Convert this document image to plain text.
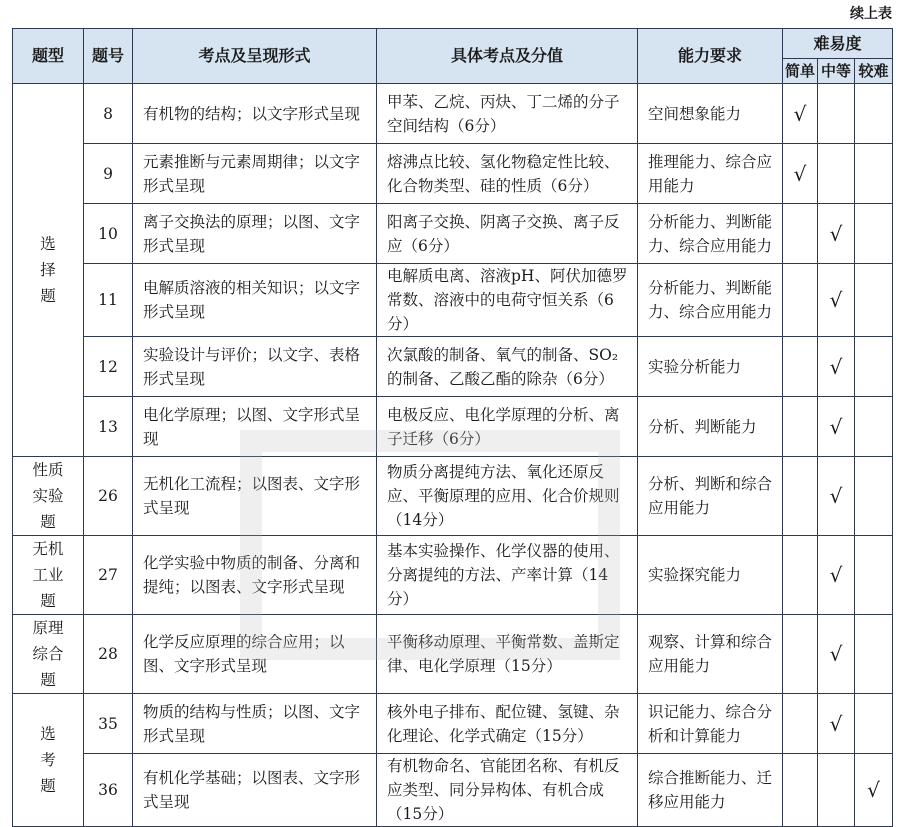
续上表
题型	题号	考点及呈现形式	具体考点及分值	能力要求	难易度		
					简单	中等	较难
选择题	8	有机物的结构；以文字形式呈现	甲苯、乙烷、丙炔、丁二烯的分子空间结构（6分）	空间想象能力	√		
	9	元素推断与元素周期律；以文字形式呈现	熔沸点比较、氢化物稳定性比较、化合物类型、硅的性质（6分）	推理能力、综合应用能力	√		
	10	离子交换法的原理；以图、文字形式呈现	阳离子交换、阴离子交换、离子反应（6分）	分析能力、判断能力、综合应用能力		√	
	11	电解质溶液的相关知识；以文字形式呈现	电解质电离、溶液pH、阿伏加德罗常数、溶液中的电荷守恒关系（6分）	分析能力、判断能力、综合应用能力		√	
	12	实验设计与评价；以文字、表格形式呈现	次氯酸的制备、氧气的制备、SO₂的制备、乙酸乙酯的除杂（6分）	实验分析能力		√	
	13	电化学原理；以图、文字形式呈现	电极反应、电化学原理的分析、离子迁移（6分）	分析、判断能力		√	
性质实验题	26	无机化工流程；以图表、文字形式呈现	物质分离提纯方法、氧化还原反应、平衡原理的应用、化合价规则（14分）	分析、判断和综合应用能力		√	
无机工业题	27	化学实验中物质的制备、分离和提纯；以图表、文字形式呈现	基本实验操作、化学仪器的使用、分离提纯的方法、产率计算（14分）	实验探究能力		√	
原理综合题	28	化学反应原理的综合应用；以图、文字形式呈现	平衡移动原理、平衡常数、盖斯定律、电化学原理（15分）	观察、计算和综合应用能力		√	
选考题	35	物质的结构与性质；以图、文字形式呈现	核外电子排布、配位键、氢键、杂化理论、化学式确定（15分）	识记能力、综合分析和计算能力		√	
	36	有机化学基础；以图表、文字形式呈现	有机物命名、官能团名称、有机反应类型、同分异构体、有机合成（15分）	综合推断能力、迁移应用能力			√
